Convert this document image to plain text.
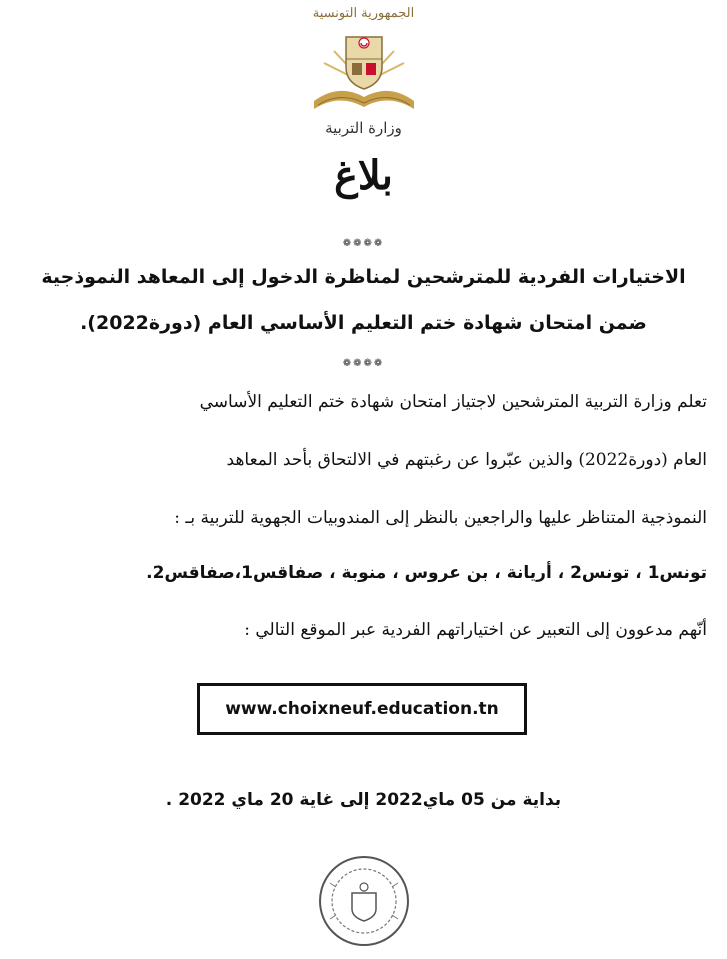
الجمهورية التونسية
وزارة التربية
بلاغ
❁❁❁❁
الاختيارات الفردية للمترشحين لمناظرة الدخول إلى المعاهد النموذجية
ضمن امتحان شهادة ختم التعليم الأساسي العام (دورة2022).
❁❁❁❁
تعلم وزارة التربية المترشحين لاجتياز امتحان شهادة ختم التعليم الأساسي
العام (دورة2022) والذين عبّروا عن رغبتهم في الالتحاق بأحد المعاهد
النموذجية المتناظر عليها والراجعين بالنظر إلى المندوبيات الجهوية للتربية بـ :
تونس1 ، تونس2 ، أريانة ، بن عروس ، منوبة ، صفاقس1،صفاقس2.
أنّهم مدعوون إلى التعبير عن اختياراتهم الفردية عبر الموقع التالي :
www.choixneuf.education.tn
بداية من 05 ماي2022 إلى غاية 20 ماي 2022 .
